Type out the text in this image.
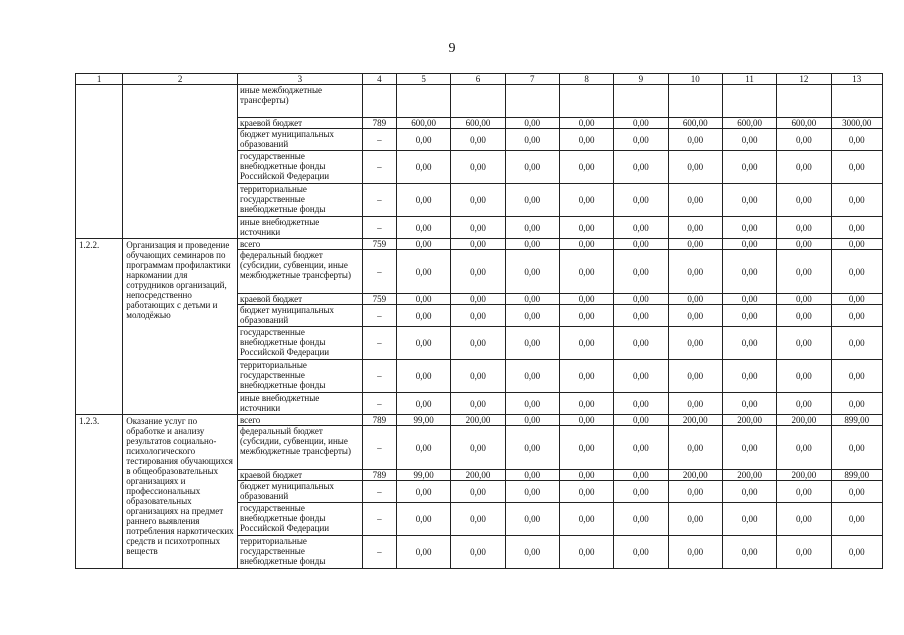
9
1	2	3	4	5	6	7	8	9	10	11	12	13
		иные межбюджетные трансферты)										
		краевой бюджет	789	600,00	600,00	0,00	0,00	0,00	600,00	600,00	600,00	3000,00
		бюджет муниципальных образований	–	0,00	0,00	0,00	0,00	0,00	0,00	0,00	0,00	0,00
		государственные внебюджетные фонды Российской Федерации	–	0,00	0,00	0,00	0,00	0,00	0,00	0,00	0,00	0,00
		территориальные государственные внебюджетные фонды	–	0,00	0,00	0,00	0,00	0,00	0,00	0,00	0,00	0,00
		иные внебюджетные источники	–	0,00	0,00	0,00	0,00	0,00	0,00	0,00	0,00	0,00
1.2.2.	Организация и проведение обучающих семинаров по программам профилактики наркомании для сотрудников организаций, непосредственно работающих с детьми и молодёжью	всего	759	0,00	0,00	0,00	0,00	0,00	0,00	0,00	0,00	0,00
		федеральный бюджет (субсидии, субвенции, иные межбюджетные трансферты)	–	0,00	0,00	0,00	0,00	0,00	0,00	0,00	0,00	0,00
		краевой бюджет	759	0,00	0,00	0,00	0,00	0,00	0,00	0,00	0,00	0,00
		бюджет муниципальных образований	–	0,00	0,00	0,00	0,00	0,00	0,00	0,00	0,00	0,00
		государственные внебюджетные фонды Российской Федерации	–	0,00	0,00	0,00	0,00	0,00	0,00	0,00	0,00	0,00
		территориальные государственные внебюджетные фонды	–	0,00	0,00	0,00	0,00	0,00	0,00	0,00	0,00	0,00
		иные внебюджетные источники	–	0,00	0,00	0,00	0,00	0,00	0,00	0,00	0,00	0,00
1.2.3.	Оказание услуг по обработке и анализу результатов социально-психологического тестирования обучающихся в общеобразовательных организациях и профессиональных образовательных организациях на предмет раннего выявления потребления наркотических средств и психотропных веществ	всего	789	99,00	200,00	0,00	0,00	0,00	200,00	200,00	200,00	899,00
		федеральный бюджет (субсидии, субвенции, иные межбюджетные трансферты)	–	0,00	0,00	0,00	0,00	0,00	0,00	0,00	0,00	0,00
		краевой бюджет	789	99,00	200,00	0,00	0,00	0,00	200,00	200,00	200,00	899,00
		бюджет муниципальных образований	–	0,00	0,00	0,00	0,00	0,00	0,00	0,00	0,00	0,00
		государственные внебюджетные фонды Российской Федерации	–	0,00	0,00	0,00	0,00	0,00	0,00	0,00	0,00	0,00
		территориальные государственные внебюджетные фонды	–	0,00	0,00	0,00	0,00	0,00	0,00	0,00	0,00	0,00
